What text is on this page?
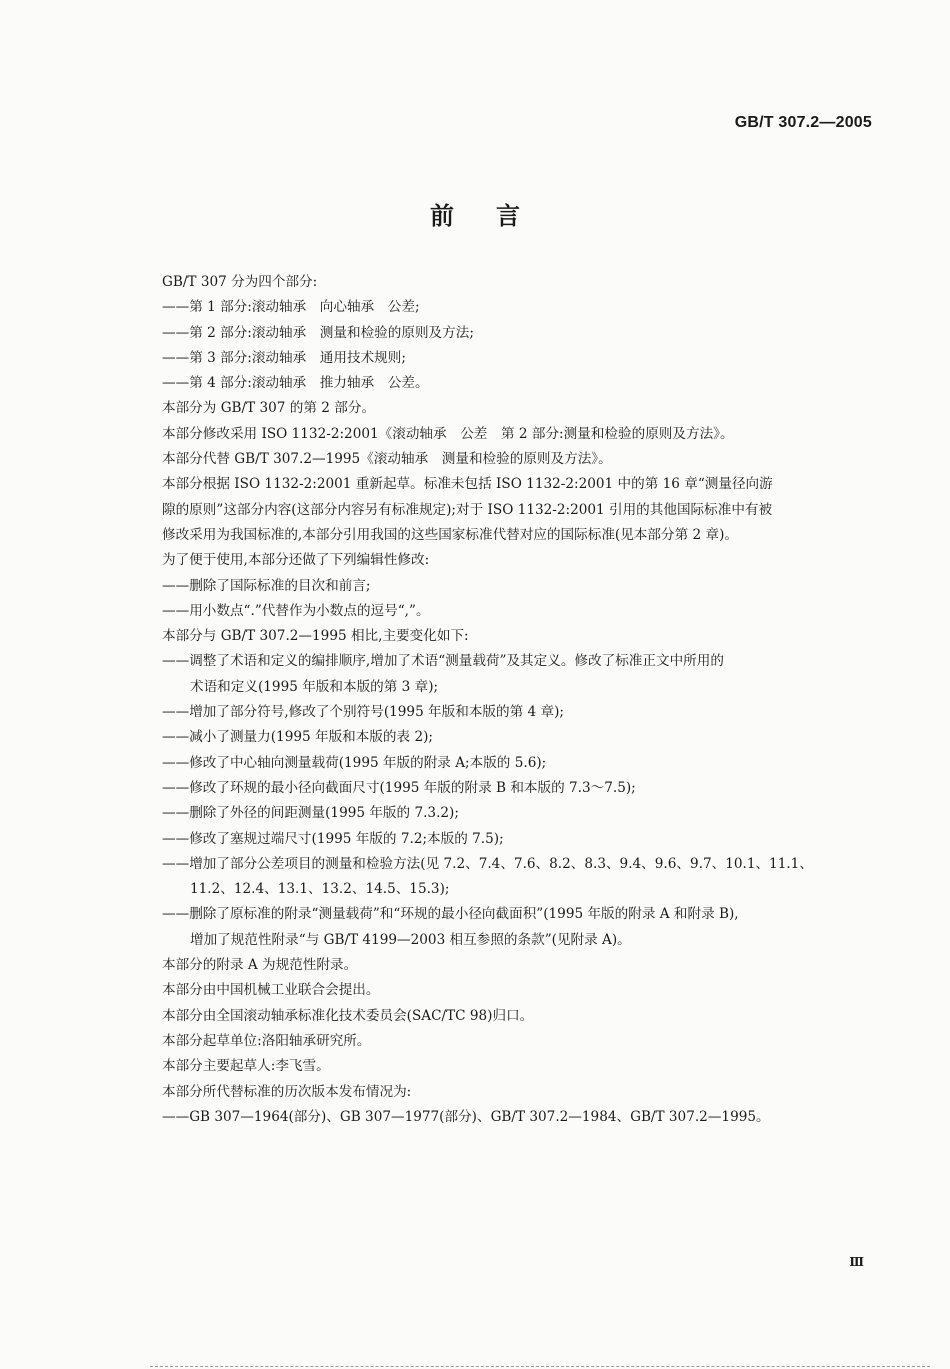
GB/T 307.2—2005
前言

GB/T 307 分为四个部分:

——第 1 部分:滚动轴承　向心轴承　公差;

——第 2 部分:滚动轴承　测量和检验的原则及方法;

——第 3 部分:滚动轴承　通用技术规则;

——第 4 部分:滚动轴承　推力轴承　公差。

本部分为 GB/T 307 的第 2 部分。

本部分修改采用 ISO 1132-2:2001《滚动轴承　公差　第 2 部分:测量和检验的原则及方法》。

本部分代替 GB/T 307.2—1995《滚动轴承　测量和检验的原则及方法》。

本部分根据 ISO 1132-2:2001 重新起草。标准未包括 ISO 1132-2:2001 中的第 16 章“测量径向游

隙的原则”这部分内容(这部分内容另有标准规定);对于 ISO 1132-2:2001 引用的其他国际标准中有被

修改采用为我国标准的,本部分引用我国的这些国家标准代替对应的国际标准(见本部分第 2 章)。

为了便于使用,本部分还做了下列编辑性修改:

——删除了国际标准的目次和前言;

——用小数点“.”代替作为小数点的逗号“,”。

本部分与 GB/T 307.2—1995 相比,主要变化如下:

——调整了术语和定义的编排顺序,增加了术语“测量载荷”及其定义。修改了标准正文中所用的

术语和定义(1995 年版和本版的第 3 章);

——增加了部分符号,修改了个别符号(1995 年版和本版的第 4 章);

——减小了测量力(1995 年版和本版的表 2);

——修改了中心轴向测量载荷(1995 年版的附录 A;本版的 5.6);

——修改了环规的最小径向截面尺寸(1995 年版的附录 B 和本版的 7.3～7.5);

——删除了外径的间距测量(1995 年版的 7.3.2);

——修改了塞规过端尺寸(1995 年版的 7.2;本版的 7.5);

——增加了部分公差项目的测量和检验方法(见 7.2、7.4、7.6、8.2、8.3、9.4、9.6、9.7、10.1、11.1、

11.2、12.4、13.1、13.2、14.5、15.3);

——删除了原标准的附录“测量载荷”和“环规的最小径向截面积”(1995 年版的附录 A 和附录 B),

增加了规范性附录“与 GB/T 4199—2003 相互参照的条款”(见附录 A)。

本部分的附录 A 为规范性附录。

本部分由中国机械工业联合会提出。

本部分由全国滚动轴承标准化技术委员会(SAC/TC 98)归口。

本部分起草单位:洛阳轴承研究所。

本部分主要起草人:李飞雪。

本部分所代替标准的历次版本发布情况为:

——GB 307—1964(部分)、GB 307—1977(部分)、GB/T 307.2—1984、GB/T 307.2—1995。

Ⅲ
